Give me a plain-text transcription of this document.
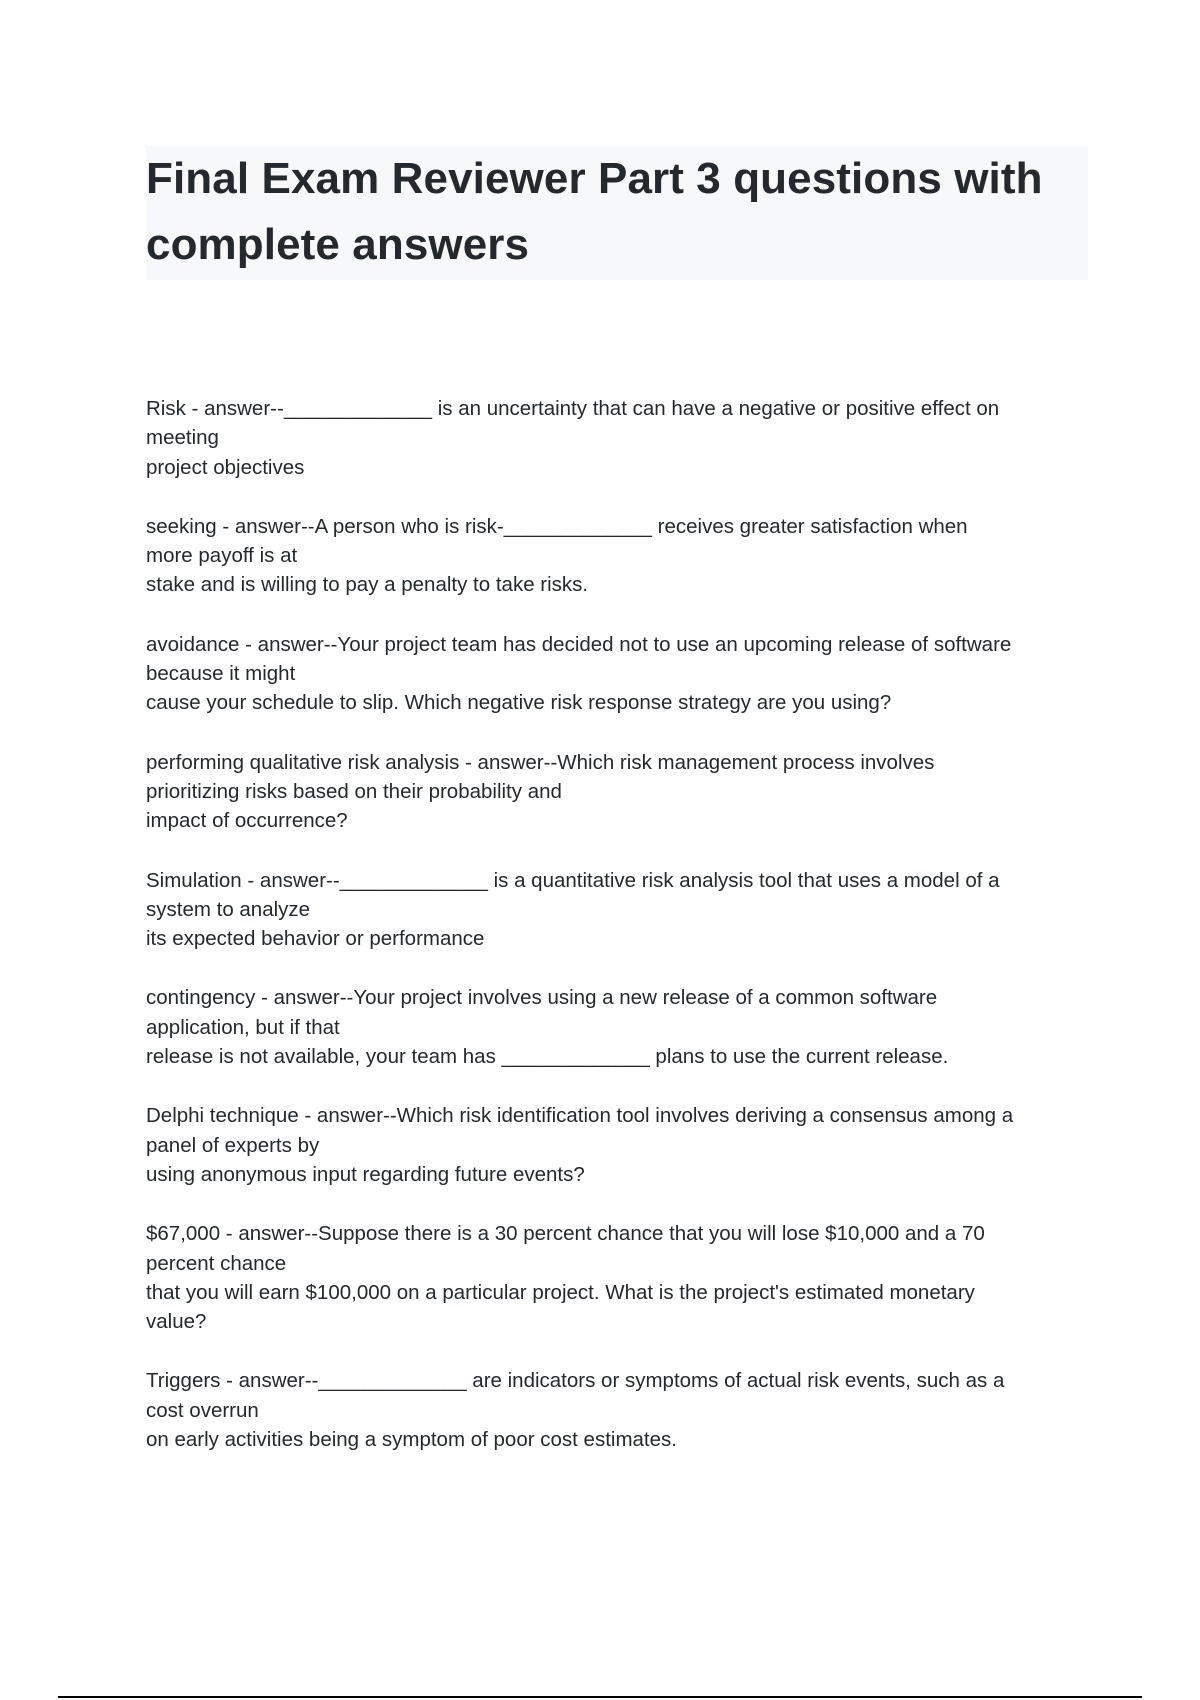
Final Exam Reviewer Part 3 questions with
complete answers

Risk - answer--_____________ is an uncertainty that can have a negative or positive effect on

meeting

project objectives

seeking - answer--A person who is risk-_____________ receives greater satisfaction when

more payoff is at

stake and is willing to pay a penalty to take risks.

avoidance - answer--Your project team has decided not to use an upcoming release of software

because it might

cause your schedule to slip. Which negative risk response strategy are you using?

performing qualitative risk analysis - answer--Which risk management process involves

prioritizing risks based on their probability and

impact of occurrence?

Simulation - answer--_____________ is a quantitative risk analysis tool that uses a model of a

system to analyze

its expected behavior or performance

contingency - answer--Your project involves using a new release of a common software

application, but if that

release is not available, your team has _____________ plans to use the current release.

Delphi technique - answer--Which risk identification tool involves deriving a consensus among a

panel of experts by

using anonymous input regarding future events?

$67,000 - answer--Suppose there is a 30 percent chance that you will lose $10,000 and a 70

percent chance

that you will earn $100,000 on a particular project. What is the project's estimated monetary

value?

Triggers - answer--_____________ are indicators or symptoms of actual risk events, such as a

cost overrun

on early activities being a symptom of poor cost estimates.
